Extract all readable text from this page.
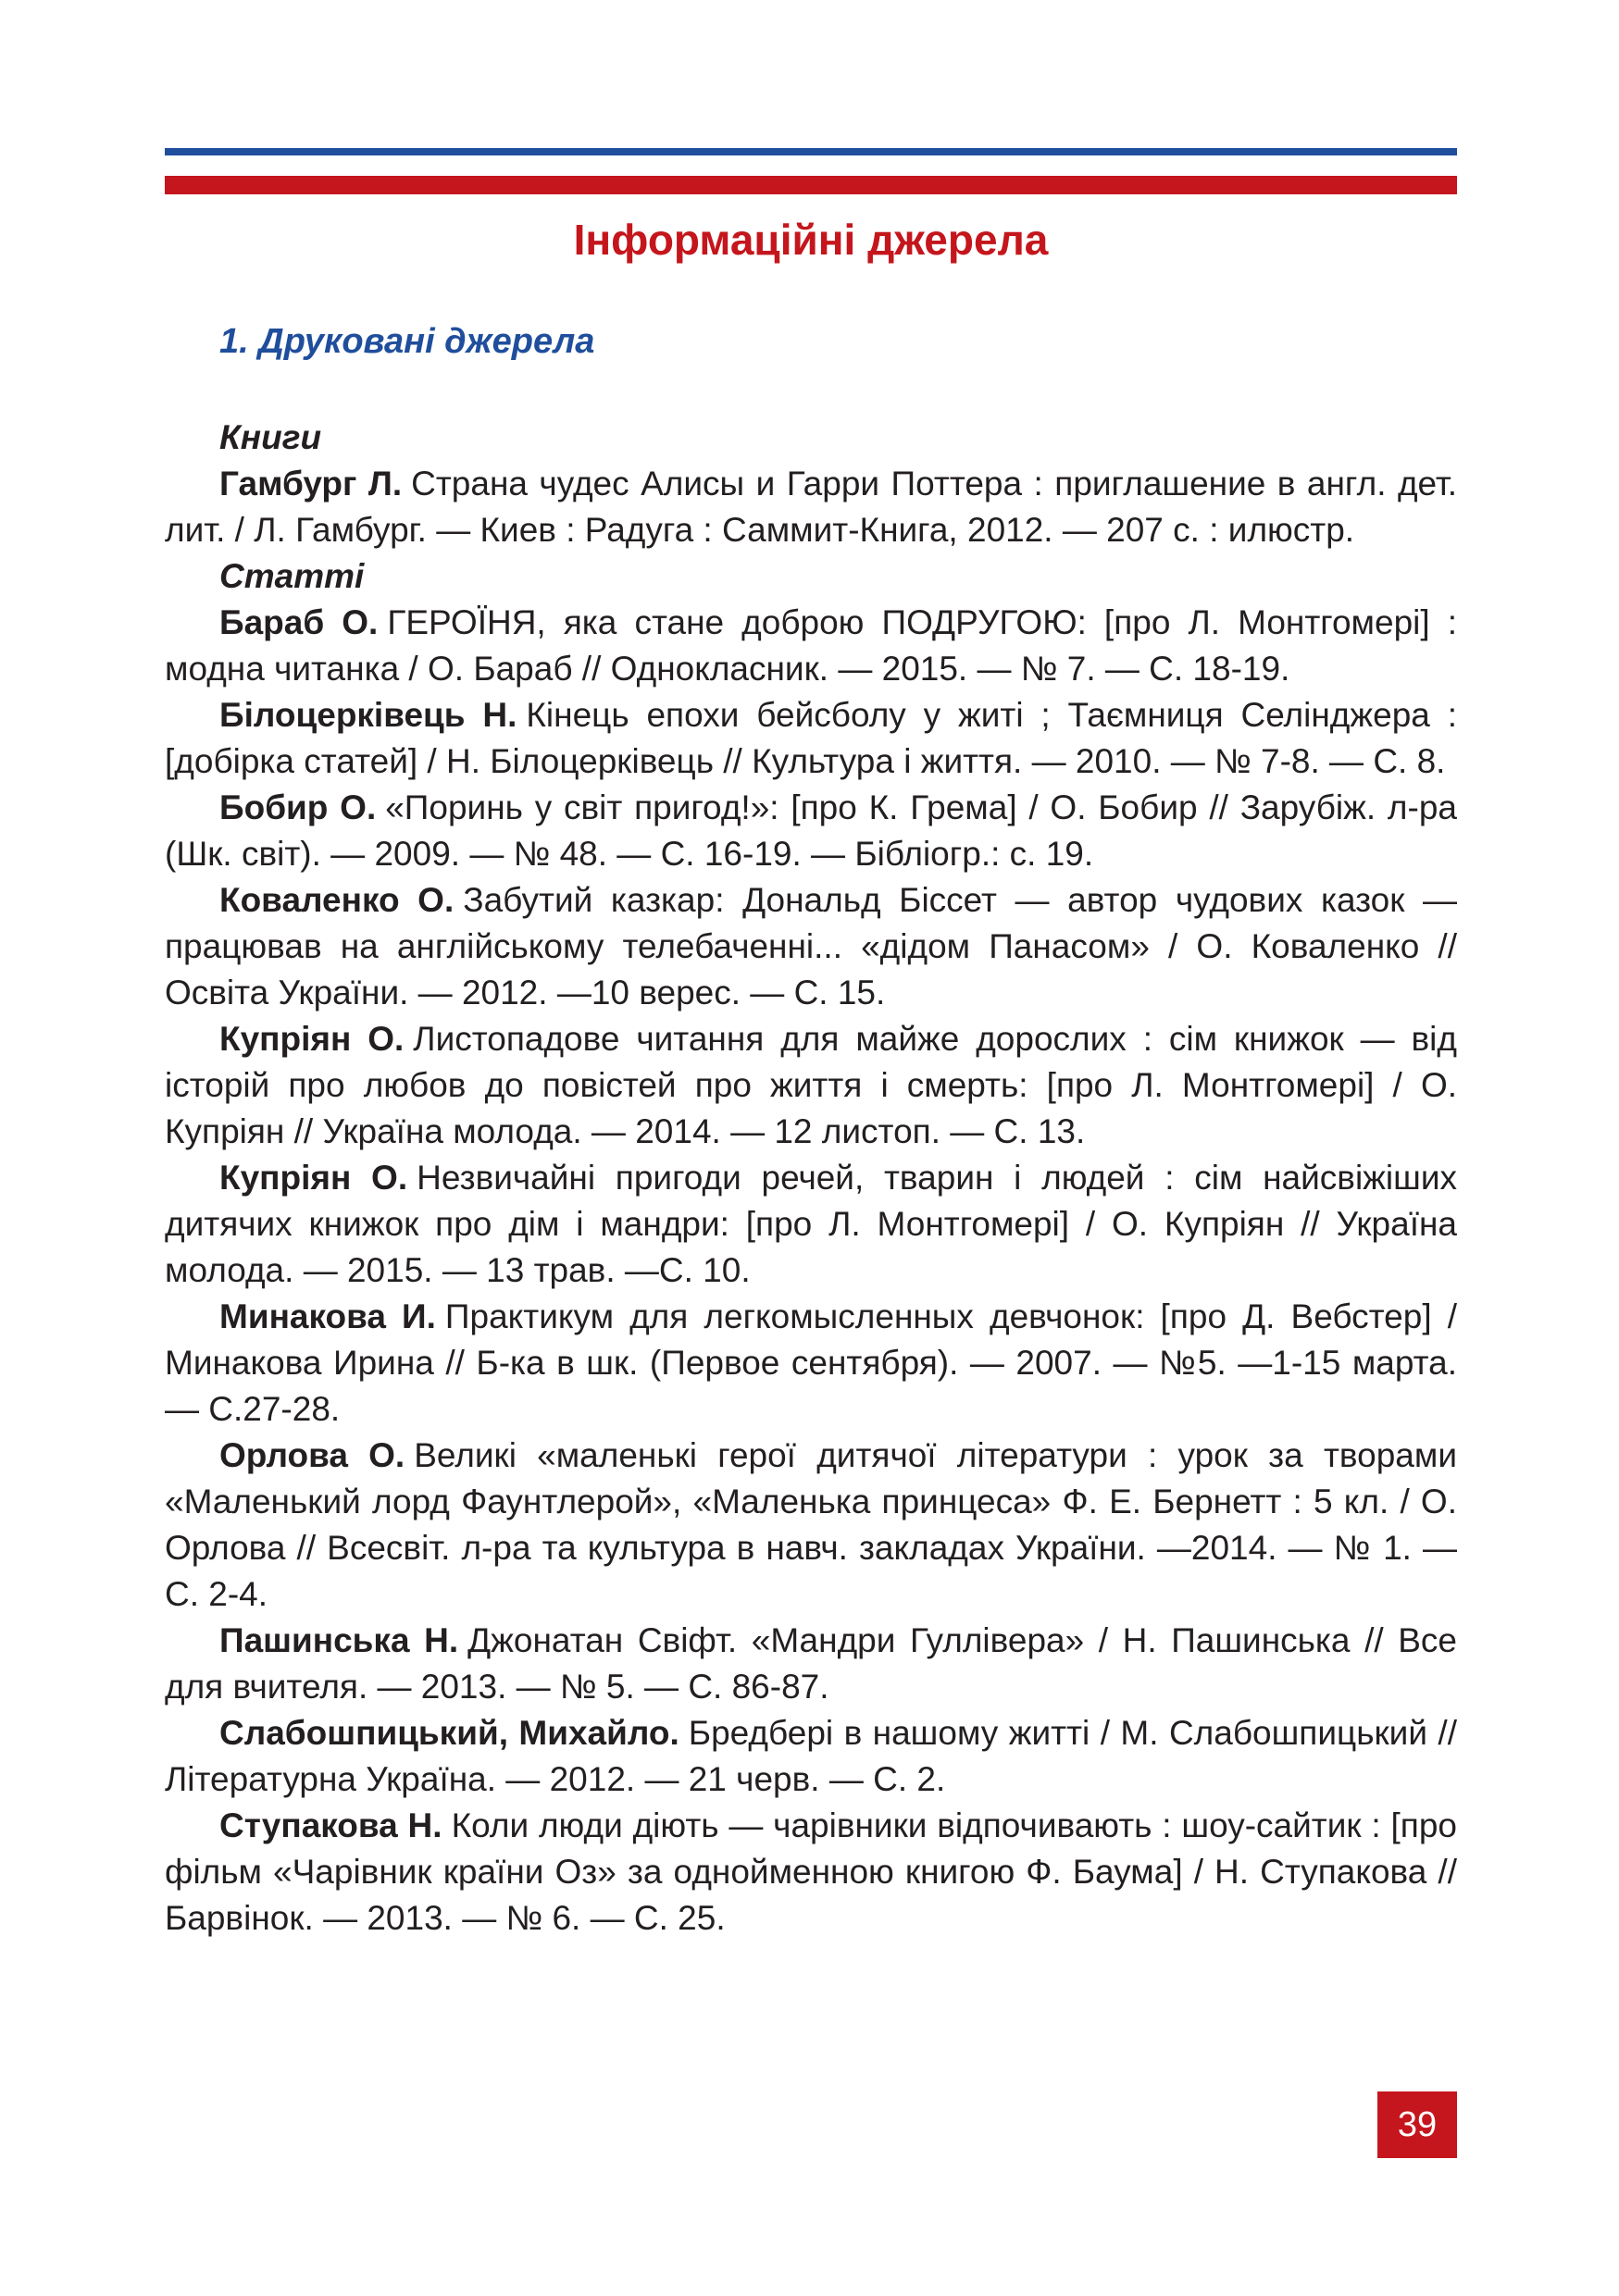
Інформаційні джерела
1. Друковані джерела

Книги

Гамбург Л. Страна чудес Алисы и Гарри Поттера : приглашение в англ. дет. лит. / Л. Гамбург. — Киев : Радуга : Саммит-Книга, 2012. — 207 с. : илюстр.

Статті

Бараб О. ГЕРОЇНЯ, яка стане доброю ПОДРУГОЮ: [про Л. Монтгомері] : модна читанка / О. Бараб // Однокласник. — 2015. — № 7. — С. 18-19.

Білоцерківець Н. Кінець епохи бейсболу у житі ; Таємниця Селінджера : [добірка статей] / Н. Білоцерківець // Культура і життя. — 2010. — № 7-8. — С. 8.

Бобир О. «Поринь у світ пригод!»: [про К. Грема] / О. Бобир // Зарубіж. л-ра (Шк. світ). — 2009. — № 48. — С. 16-19. — Бібліогр.: с. 19.

Коваленко О. Забутий казкар: Дональд Біссет — автор чудових казок — працював на англійському телебаченні... «дідом Панасом» / О. Коваленко // Освіта України. — 2012. —10 верес. — С. 15.

Купріян О. Листопадове читання для майже дорослих : сім книжок — від історій про любов до повістей про життя і смерть: [про Л. Монтгомері] / О. Купріян // Україна молода. — 2014. — 12 листоп. — С. 13.

Купріян О. Незвичайні пригоди речей, тварин і людей : сім найсвіжіших дитячих книжок про дім і мандри: [про Л. Монтгомері] / О. Купріян // Україна молода. — 2015. — 13 трав. —С. 10.

Минакова И. Практикум для легкомысленных девчонок: [про Д. Вебстер] / Минакова Ирина // Б-ка в шк. (Первое сентября). — 2007. — №5. —1-15 марта. — С.27-28.

Орлова О. Великі «маленькі герої дитячої літератури : урок за творами «Маленький лорд Фаунтлерой», «Маленька принцеса» Ф. Е. Бернетт : 5 кл. / О. Орлова // Всесвіт. л-ра та культура в навч. закладах України. —2014. — № 1. — С. 2-4.

Пашинська Н. Джонатан Свіфт. «Мандри Гуллівера» / Н. Пашинська // Все для вчителя. — 2013. — № 5. — С. 86-87.

Слабошпицький, Михайло. Бредбері в нашому житті / М. Слабошпицький // Літературна Україна. — 2012. — 21 черв. — С. 2.

Ступакова Н. Коли люди діють — чарівники відпочивають : шоу-сайтик : [про фільм «Чарівник країни Оз» за однойменною книгою Ф. Баума] / Н. Ступакова // Барвінок. — 2013. — № 6. — С. 25.

39
